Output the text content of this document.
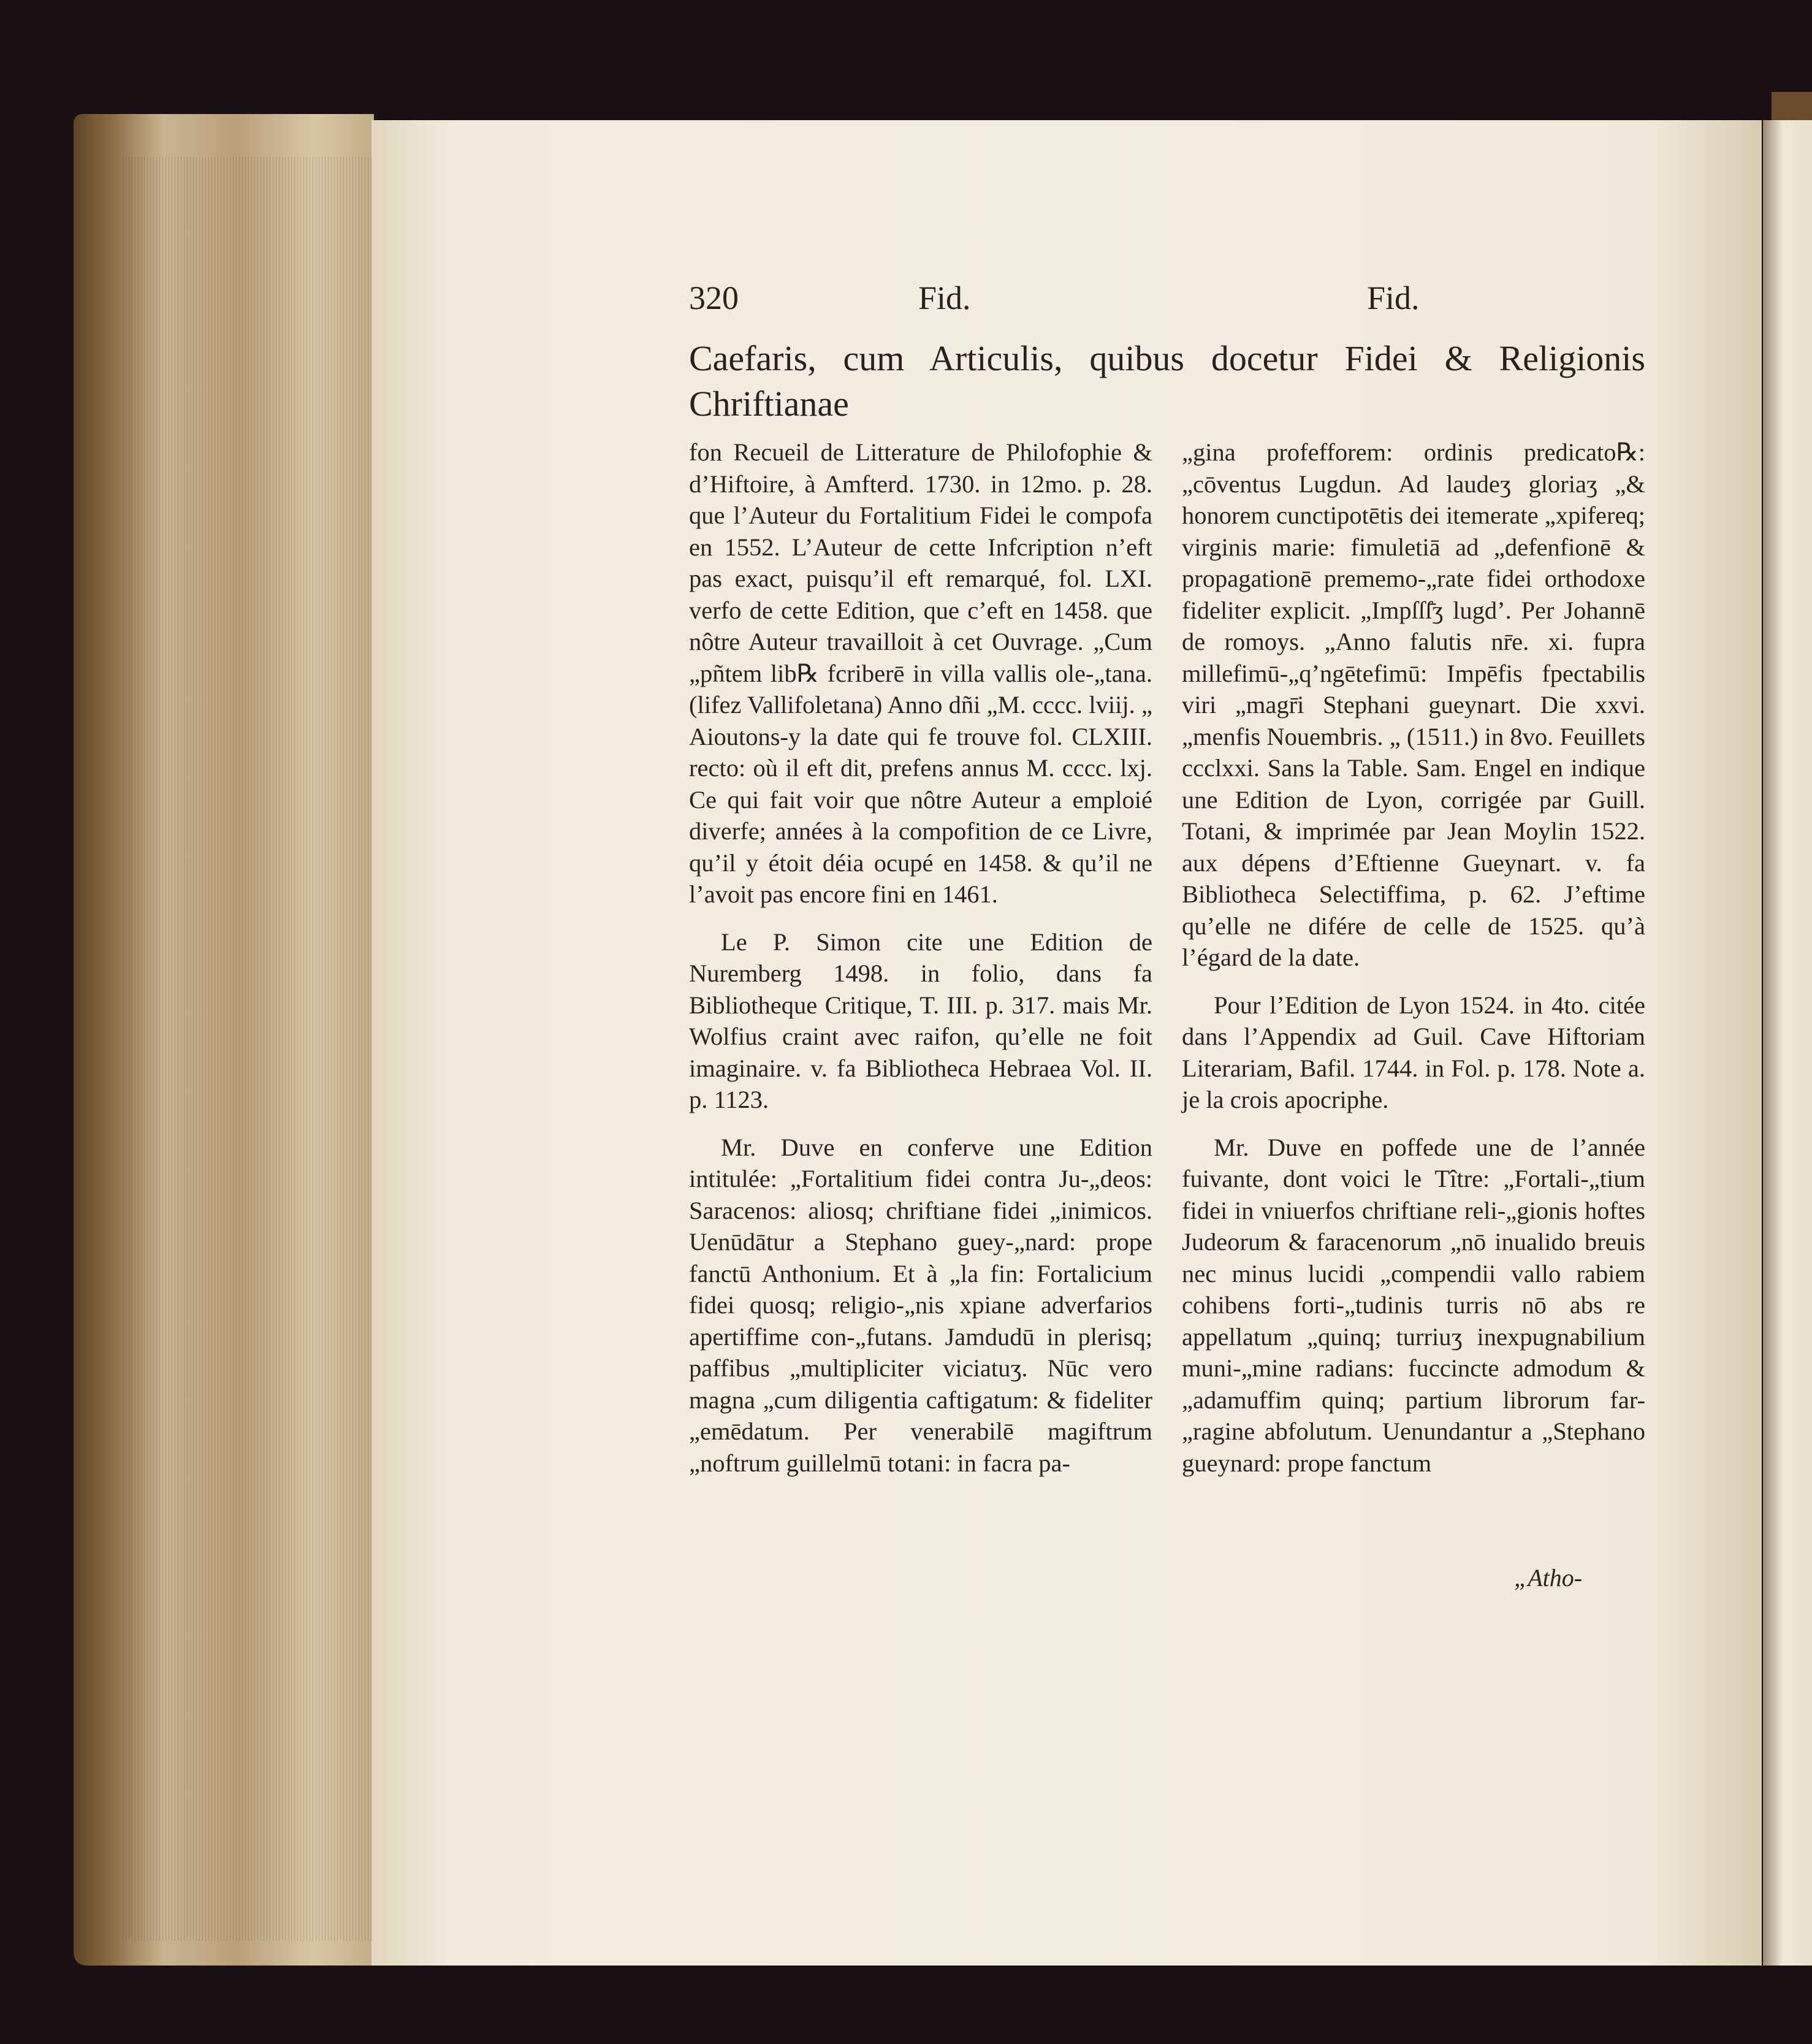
320	Fid.	Fid.
Caefaris, cum Articulis, quibus docetur Fidei & Religionis Chriftianae

fon Recueil de Litterature de Philofophie & d’Hiftoire, à Amfterd. 1730. in 12mo. p. 28. que l’Auteur du Fortalitium Fidei le compofa en 1552. L’Auteur de cette Infcription n’eft pas exact, puisqu’il eft remarqué, fol. LXI. verfo de cette Edition, que c’eft en 1458. que nôtre Auteur travailloit à cet Ouvrage. „Cum „pñtem lib℞ fcriberē in villa vallis ole-„tana. (lifez Vallifoletana) Anno dñi „M. cccc. lviij. „ Aioutons-y la date qui fe trouve fol. CLXIII. recto: où il eft dit, prefens annus M. cccc. lxj. Ce qui fait voir que nôtre Auteur a emploié diverfe; années à la compofition de ce Livre, qu’il y étoit déia ocupé en 1458. & qu’il ne l’avoit pas encore fini en 1461.

Le P. Simon cite une Edition de Nuremberg 1498. in folio, dans fa Bibliotheque Critique, T. III. p. 317. mais Mr. Wolfius craint avec raifon, qu’elle ne foit imaginaire. v. fa Bibliotheca Hebraea Vol. II. p. 1123.

Mr. Duve en conferve une Edition intitulée: „Fortalitium fidei contra Ju-„deos: Saracenos: aliosq; chriftiane fidei „inimicos. Uenūdātur a Stephano guey-„nard: prope fanctū Anthonium. Et à „la fin: Fortalicium fidei quosq; religio-„nis xpiane adverfarios apertiffime con-„futans. Jamdudū in plerisq; paffibus „multipliciter viciatuʒ. Nūc vero magna „cum diligentia caftigatum: & fideliter „emēdatum. Per venerabilē magiftrum „noftrum guillelmū totani: in facra pa-

„gina profefforem: ordinis predicato℞: „cōventus Lugdun. Ad laudeʒ gloriaʒ „& honorem cunctipotētis dei itemerate „xpifereq; virginis marie: fimuletiā ad „defenfionē & propagationē prememo-„rate fidei orthodoxe fideliter explicit. „Impſſſ̄ʒ lugd’. Per Johannē de romoys. „Anno falutis nr̄e. xi. fupra millefimū-„q’ngētefimū: Impēfis fpectabilis viri „magr̄i Stephani gueynart. Die xxvi. „menfis Nouembris. „ (1511.) in 8vo. Feuillets ccclxxi. Sans la Table. Sam. Engel en indique une Edition de Lyon, corrigée par Guill. Totani, & imprimée par Jean Moylin 1522. aux dépens d’Eftienne Gueynart. v. fa Bibliotheca Selectiffima, p. 62. J’eftime qu’elle ne difére de celle de 1525. qu’à l’égard de la date.

Pour l’Edition de Lyon 1524. in 4to. citée dans l’Appendix ad Guil. Cave Hiftoriam Literariam, Bafil. 1744. in Fol. p. 178. Note a. je la crois apocriphe.

Mr. Duve en poffede une de l’année fuivante, dont voici le Tître: „Fortali-„tium fidei in vniuerfos chriftiane reli-„gionis hoftes Judeorum & faracenorum „nō inualido breuis nec minus lucidi „compendii vallo rabiem cohibens forti-„tudinis turris nō abs re appellatum „quinq; turriuʒ inexpugnabilium muni-„mine radians: fuccincte admodum & „adamuffim quinq; partium librorum far-„ragine abfolutum. Uenundantur a „Stephano gueynard: prope fanctum

„Atho-
